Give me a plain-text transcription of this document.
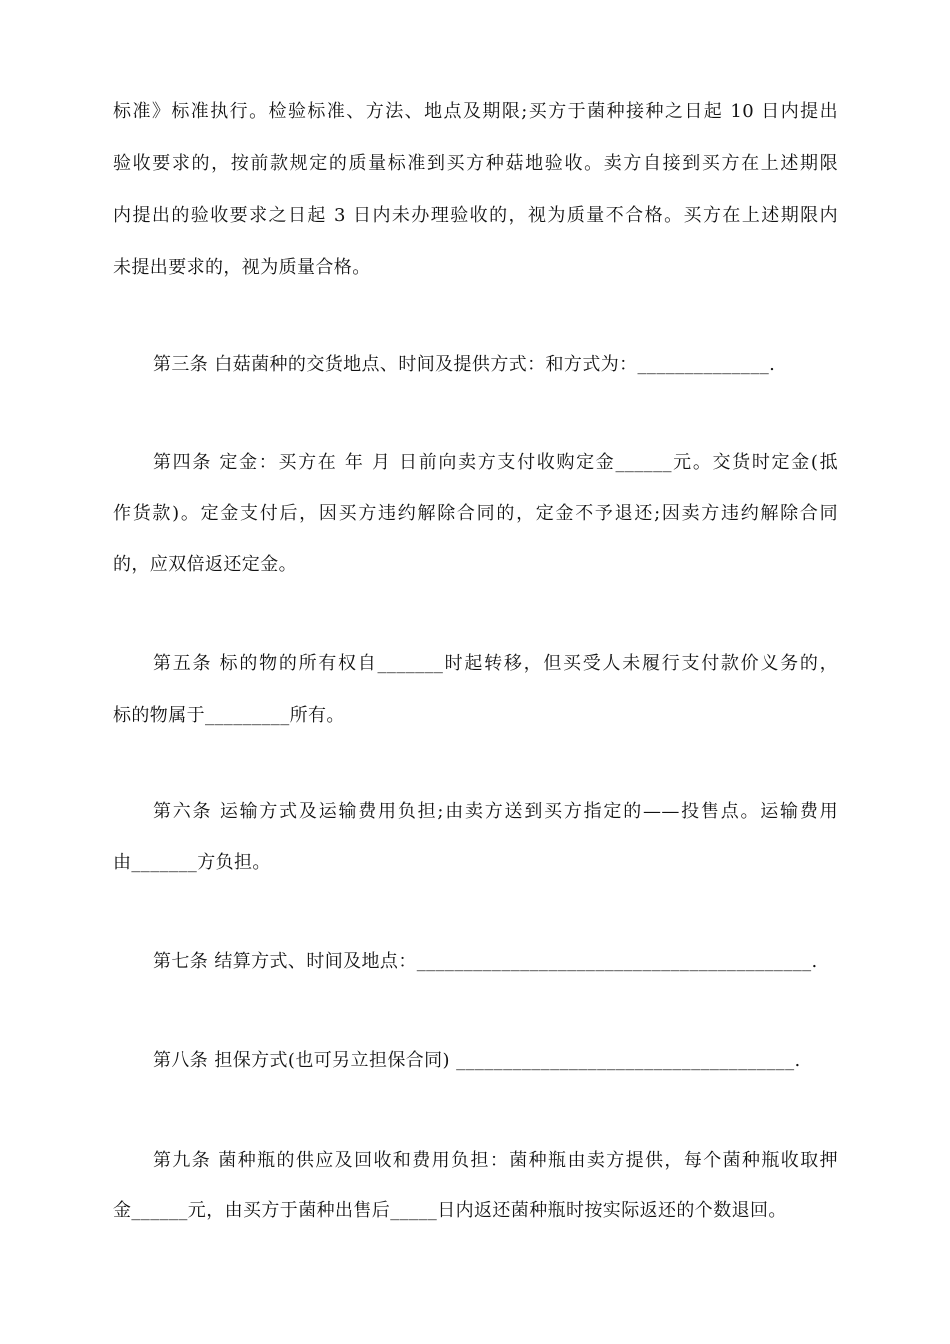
标准》标准执行。检验标准、方法、地点及期限;买方于菌种接种之日起 10 日内提出
验收要求的，按前款规定的质量标准到买方种菇地验收。卖方自接到买方在上述期限
内提出的验收要求之日起 3 日内未办理验收的，视为质量不合格。买方在上述期限内
未提出要求的，视为质量合格。
第三条 白菇菌种的交货地点、时间及提供方式：和方式为：______________.
第四条 定金：买方在 年 月 日前向卖方支付收购定金______元。交货时定金(抵
作货款)。定金支付后，因买方违约解除合同的，定金不予退还;因卖方违约解除合同
的，应双倍返还定金。
第五条 标的物的所有权自_______时起转移，但买受人未履行支付款价义务的，
标的物属于_________所有。
第六条 运输方式及运输费用负担;由卖方送到买方指定的——投售点。运输费用
由_______方负担。
第七条 结算方式、时间及地点：__________________________________________.
第八条 担保方式(也可另立担保合同) ____________________________________.
第九条 菌种瓶的供应及回收和费用负担：菌种瓶由卖方提供，每个菌种瓶收取押
金______元，由买方于菌种出售后_____日内返还菌种瓶时按实际返还的个数退回。
